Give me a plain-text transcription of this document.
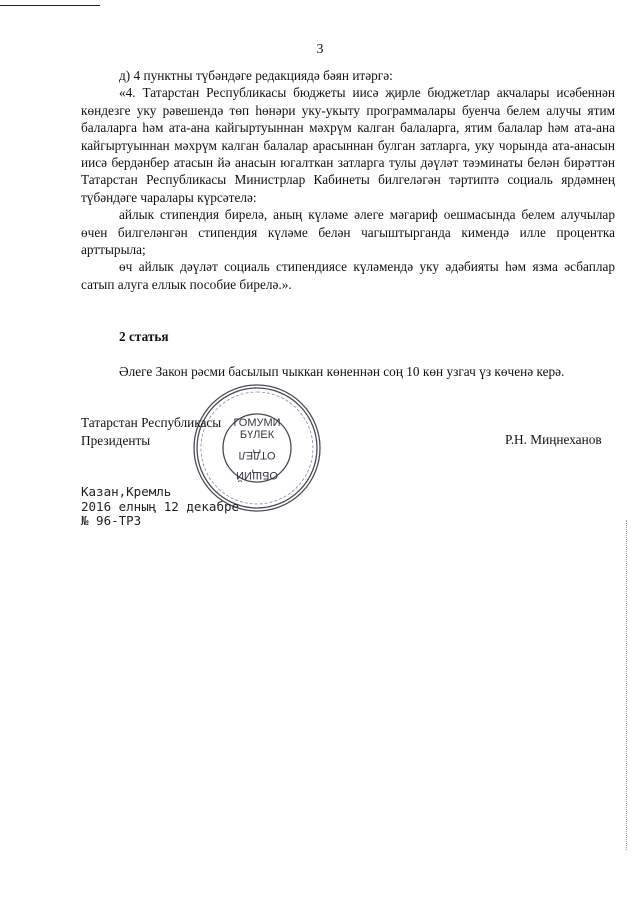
3

д) 4 пунктны түбәндәге редакциядә бәян итәргә:

«4. Татарстан Республикасы бюджеты иисә җирле бюджетлар акчалары исәбеннән көндезге уку рәвешендә төп һөнәри уку-укыту программалары буенча белем алучы ятим балаларга һәм ата-ана кайгыртуыннан мәхрүм калган балаларга, ятим балалар һәм ата-ана кайгыртуыннан мәхрүм калган балалар арасыннан булган затларга, уку чорында ата-анасын иисә бердәнбер атасын йә анасын югалткан затларга тулы дәүләт тәэминаты белән бирәттән Татарстан Республикасы Министрлар Кабинеты билгеләгән тәртиптә социаль ярдәмнең түбәндәге чаралары күрсәтелә:

айлык стипендия бирелә, аның күләме әлеге мәгариф оешмасында белем алучылар өчен билгеләнгән стипендия күләме белән чагыштырганда кимендә илле процентка арттырыла;

өч айлык дәүләт социаль стипендиясе күләмендә уку әдәбияты һәм язма әсбаплар сатып алуга еллык пособие бирелә.».

2 статья
Әлеге Закон рәсми басылып чыккан көненнән соң 10 көн узгач үз көченә керә.
ГОМУМИ
БҮЛЕК
ОТДЕЛ
ОБЩИЙ
Татарстан Республикасы
Президенты	Р.Н. Миңнеханов
Казан,Кремль
2016 елның 12 декабре
№ 96-ТРЗ
